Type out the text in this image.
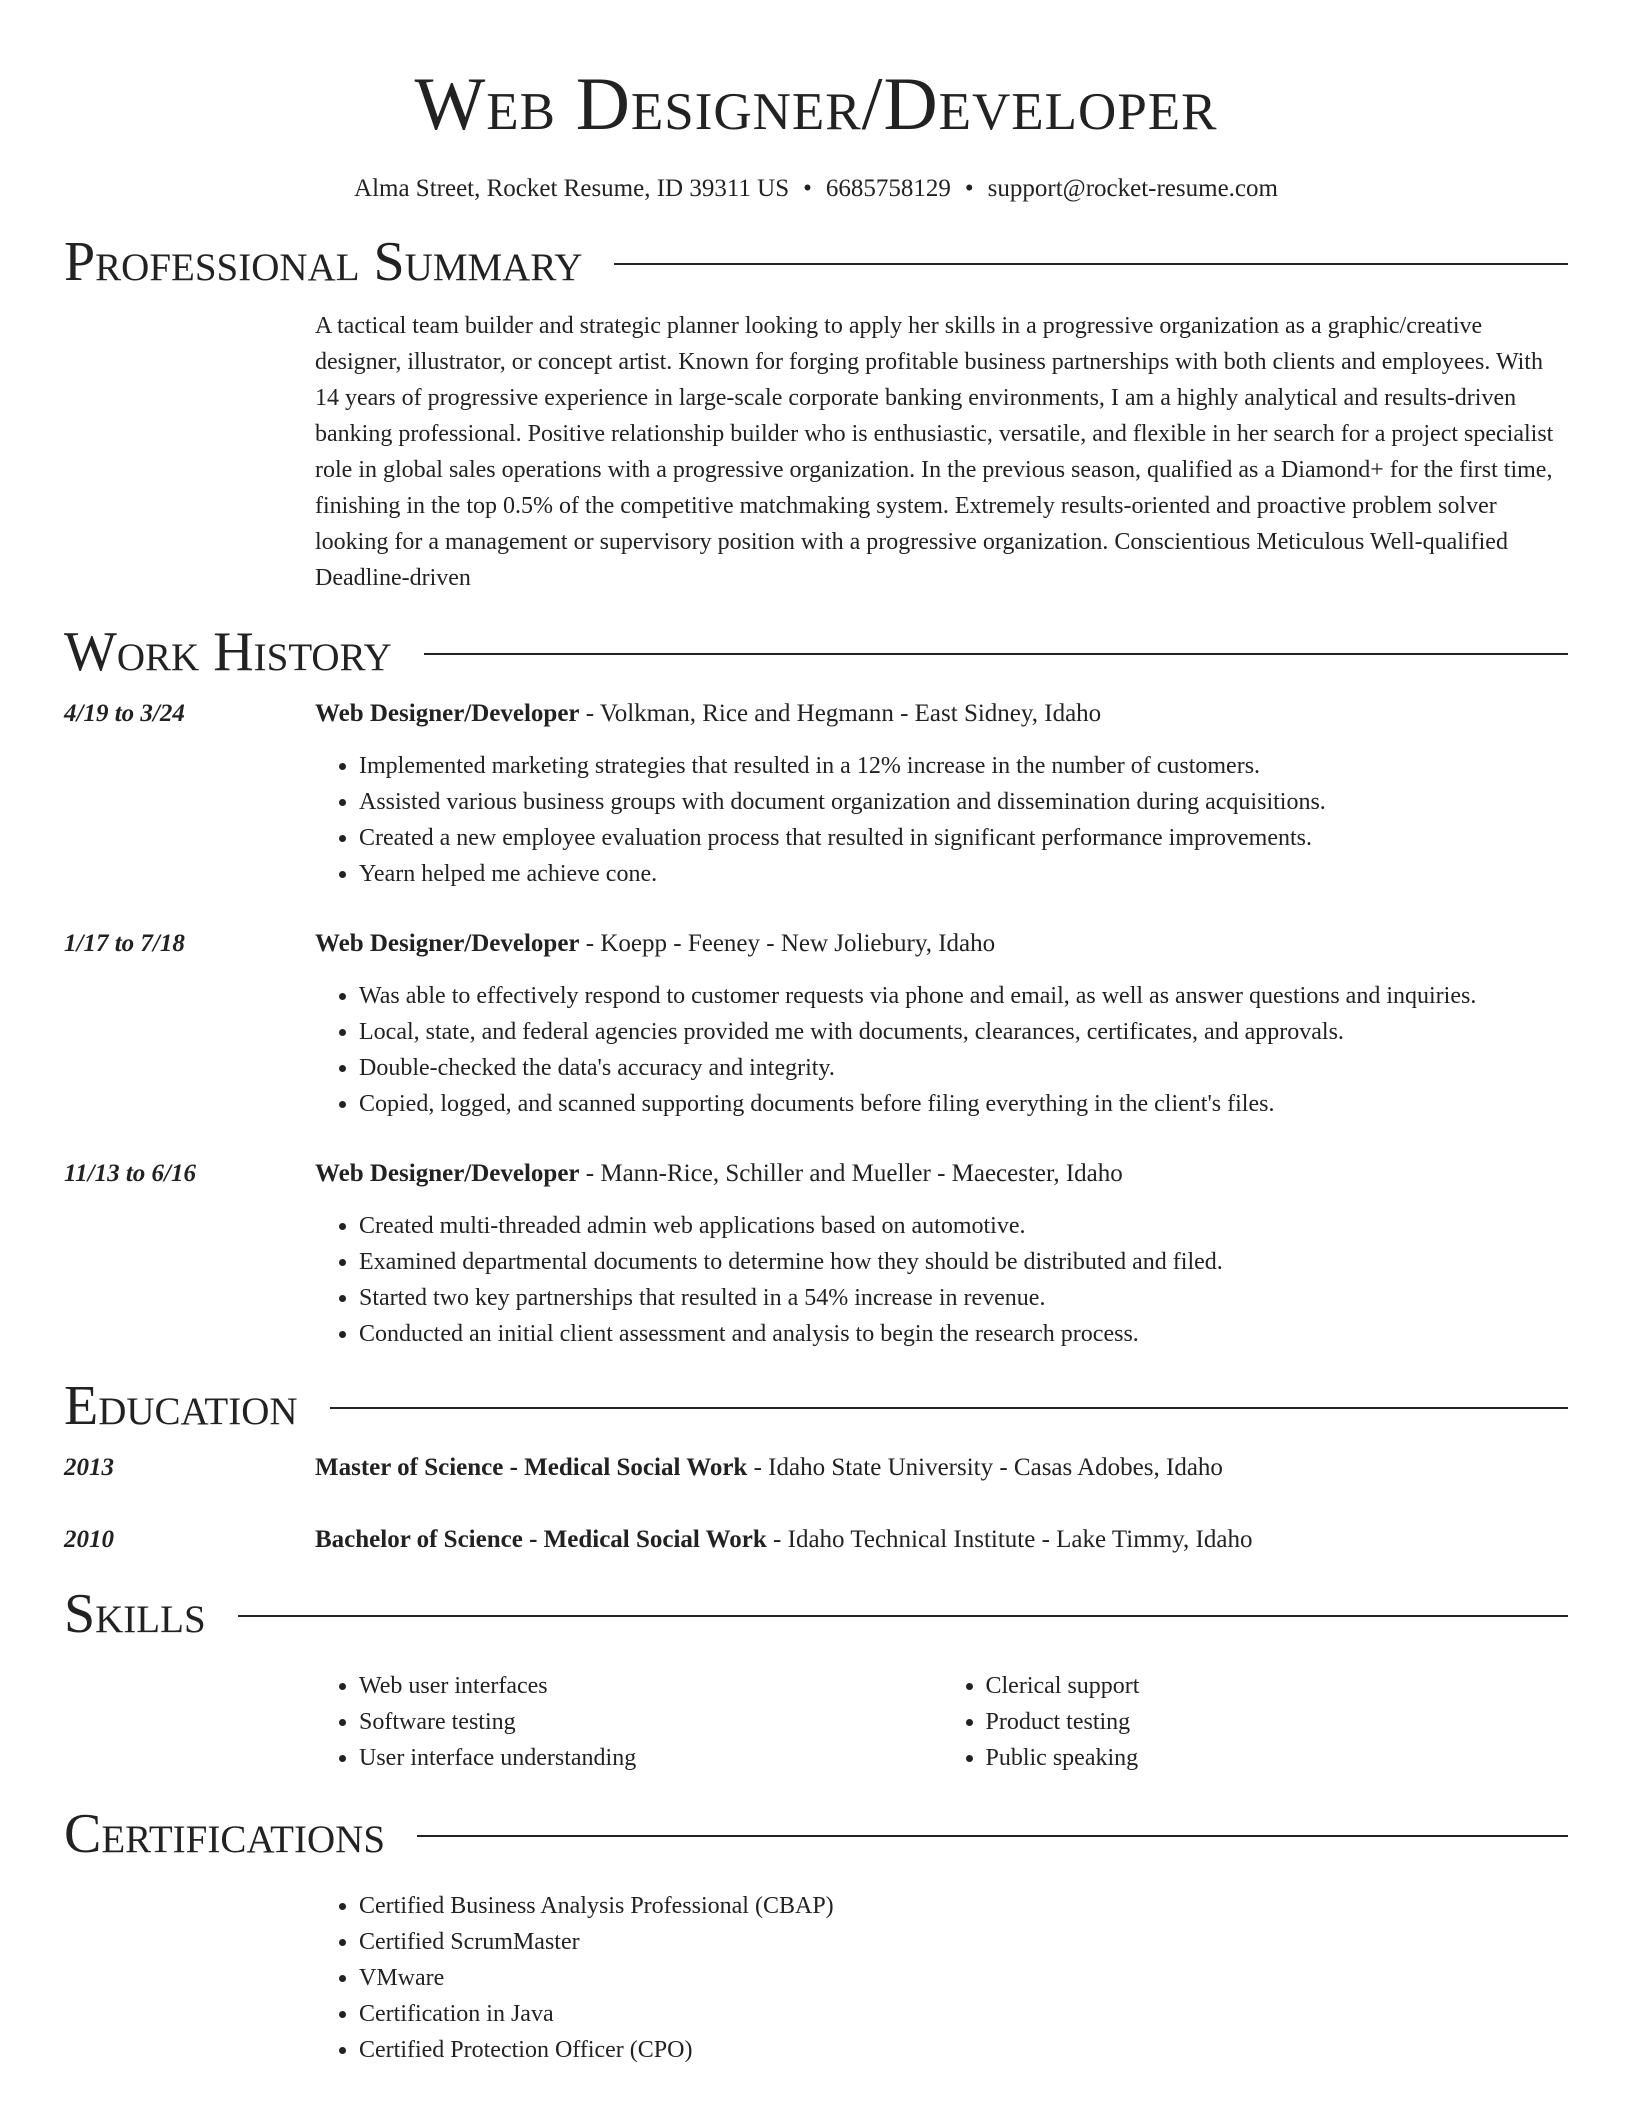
Web Designer/Developer
Alma Street, Rocket Resume, ID 39311 US • 6685758129 • support@rocket-resume.com
Professional Summary

A tactical team builder and strategic planner looking to apply her skills in a progressive organization as a graphic/creative designer, illustrator, or concept artist. Known for forging profitable business partnerships with both clients and employees. With 14 years of progressive experience in large-scale corporate banking environments, I am a highly analytical and results-driven banking professional. Positive relationship builder who is enthusiastic, versatile, and flexible in her search for a project specialist role in global sales operations with a progressive organization. In the previous season, qualified as a Diamond+ for the first time, finishing in the top 0.5% of the competitive matchmaking system. Extremely results-oriented and proactive problem solver looking for a management or supervisory position with a progressive organization. Conscientious Meticulous Well-qualified Deadline-driven

Work History
4/19 to 3/24	Web Designer/Developer - Volkman, Rice and Hegmann - East Sidney, Idaho
• Implemented marketing strategies that resulted in a 12% increase in the number of customers.
• Assisted various business groups with document organization and dissemination during acquisitions.
• Created a new employee evaluation process that resulted in significant performance improvements.
• Yearn helped me achieve cone.
1/17 to 7/18	Web Designer/Developer - Koepp - Feeney - New Joliebury, Idaho
• Was able to effectively respond to customer requests via phone and email, as well as answer questions and inquiries.
• Local, state, and federal agencies provided me with documents, clearances, certificates, and approvals.
• Double-checked the data's accuracy and integrity.
• Copied, logged, and scanned supporting documents before filing everything in the client's files.
11/13 to 6/16	Web Designer/Developer - Mann-Rice, Schiller and Mueller - Maecester, Idaho
• Created multi-threaded admin web applications based on automotive.
• Examined departmental documents to determine how they should be distributed and filed.
• Started two key partnerships that resulted in a 54% increase in revenue.
• Conducted an initial client assessment and analysis to begin the research process.
Education
2013	Master of Science - Medical Social Work - Idaho State University - Casas Adobes, Idaho
2010	Bachelor of Science - Medical Social Work - Idaho Technical Institute - Lake Timmy, Idaho
Skills
• Web user interfaces
• Software testing
• User interface understanding
• Clerical support
• Product testing
• Public speaking
Certifications
• Certified Business Analysis Professional (CBAP)
• Certified ScrumMaster
• VMware
• Certification in Java
• Certified Protection Officer (CPO)
